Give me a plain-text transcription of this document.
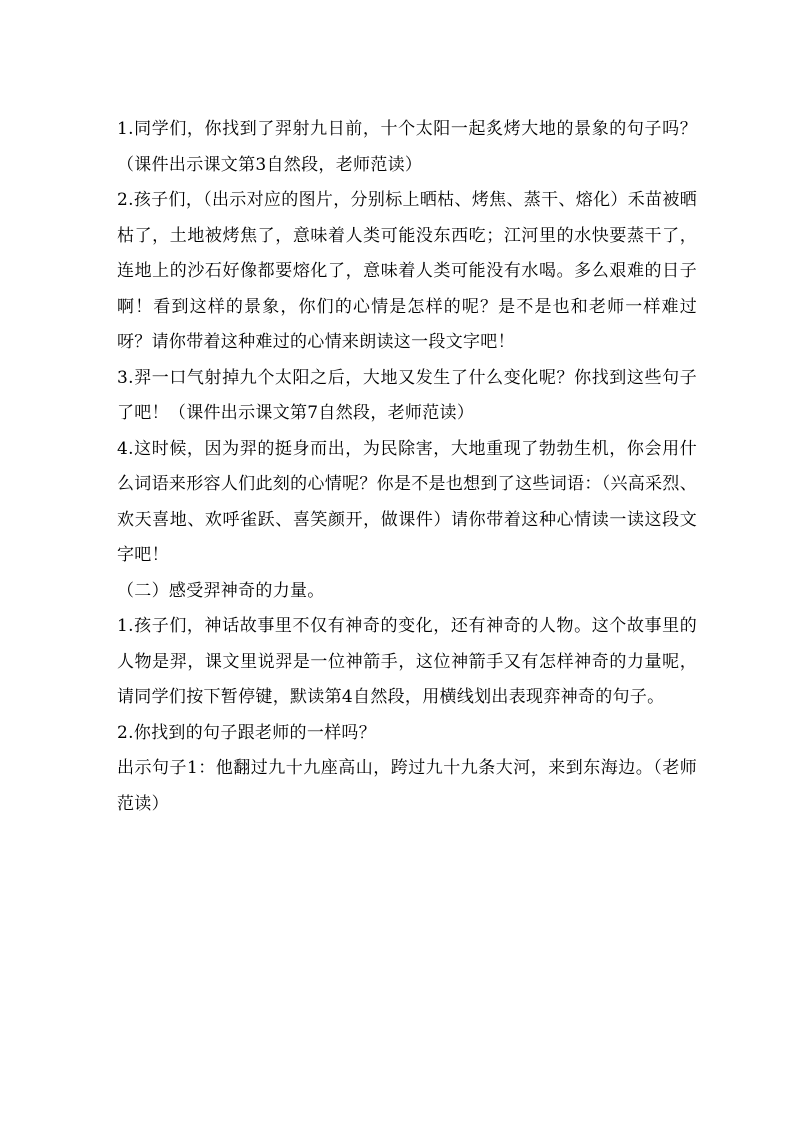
1.同学们，你找到了羿射九日前，十个太阳一起炙烤大地的景象的句子吗？（课件出示课文第3自然段，老师范读）

2.孩子们，（出示对应的图片，分别标上晒枯、烤焦、蒸干、熔化）禾苗被晒枯了，土地被烤焦了，意味着人类可能没东西吃；江河里的水快要蒸干了，连地上的沙石好像都要熔化了，意味着人类可能没有水喝。多么艰难的日子啊！看到这样的景象，你们的心情是怎样的呢？是不是也和老师一样难过呀？请你带着这种难过的心情来朗读这一段文字吧！

3.羿一口气射掉九个太阳之后，大地又发生了什么变化呢？你找到这些句子了吧！（课件出示课文第7自然段，老师范读）

4.这时候，因为羿的挺身而出，为民除害，大地重现了勃勃生机，你会用什么词语来形容人们此刻的心情呢？你是不是也想到了这些词语：（兴高采烈、欢天喜地、欢呼雀跃、喜笑颜开，做课件）请你带着这种心情读一读这段文字吧！

（二）感受羿神奇的力量。

1.孩子们，神话故事里不仅有神奇的变化，还有神奇的人物。这个故事里的人物是羿，课文里说羿是一位神箭手，这位神箭手又有怎样神奇的力量呢，请同学们按下暂停键，默读第4自然段，用横线划出表现弈神奇的句子。

2.你找到的句子跟老师的一样吗？

出示句子1：他翻过九十九座高山，跨过九十九条大河，来到东海边。（老师范读）
